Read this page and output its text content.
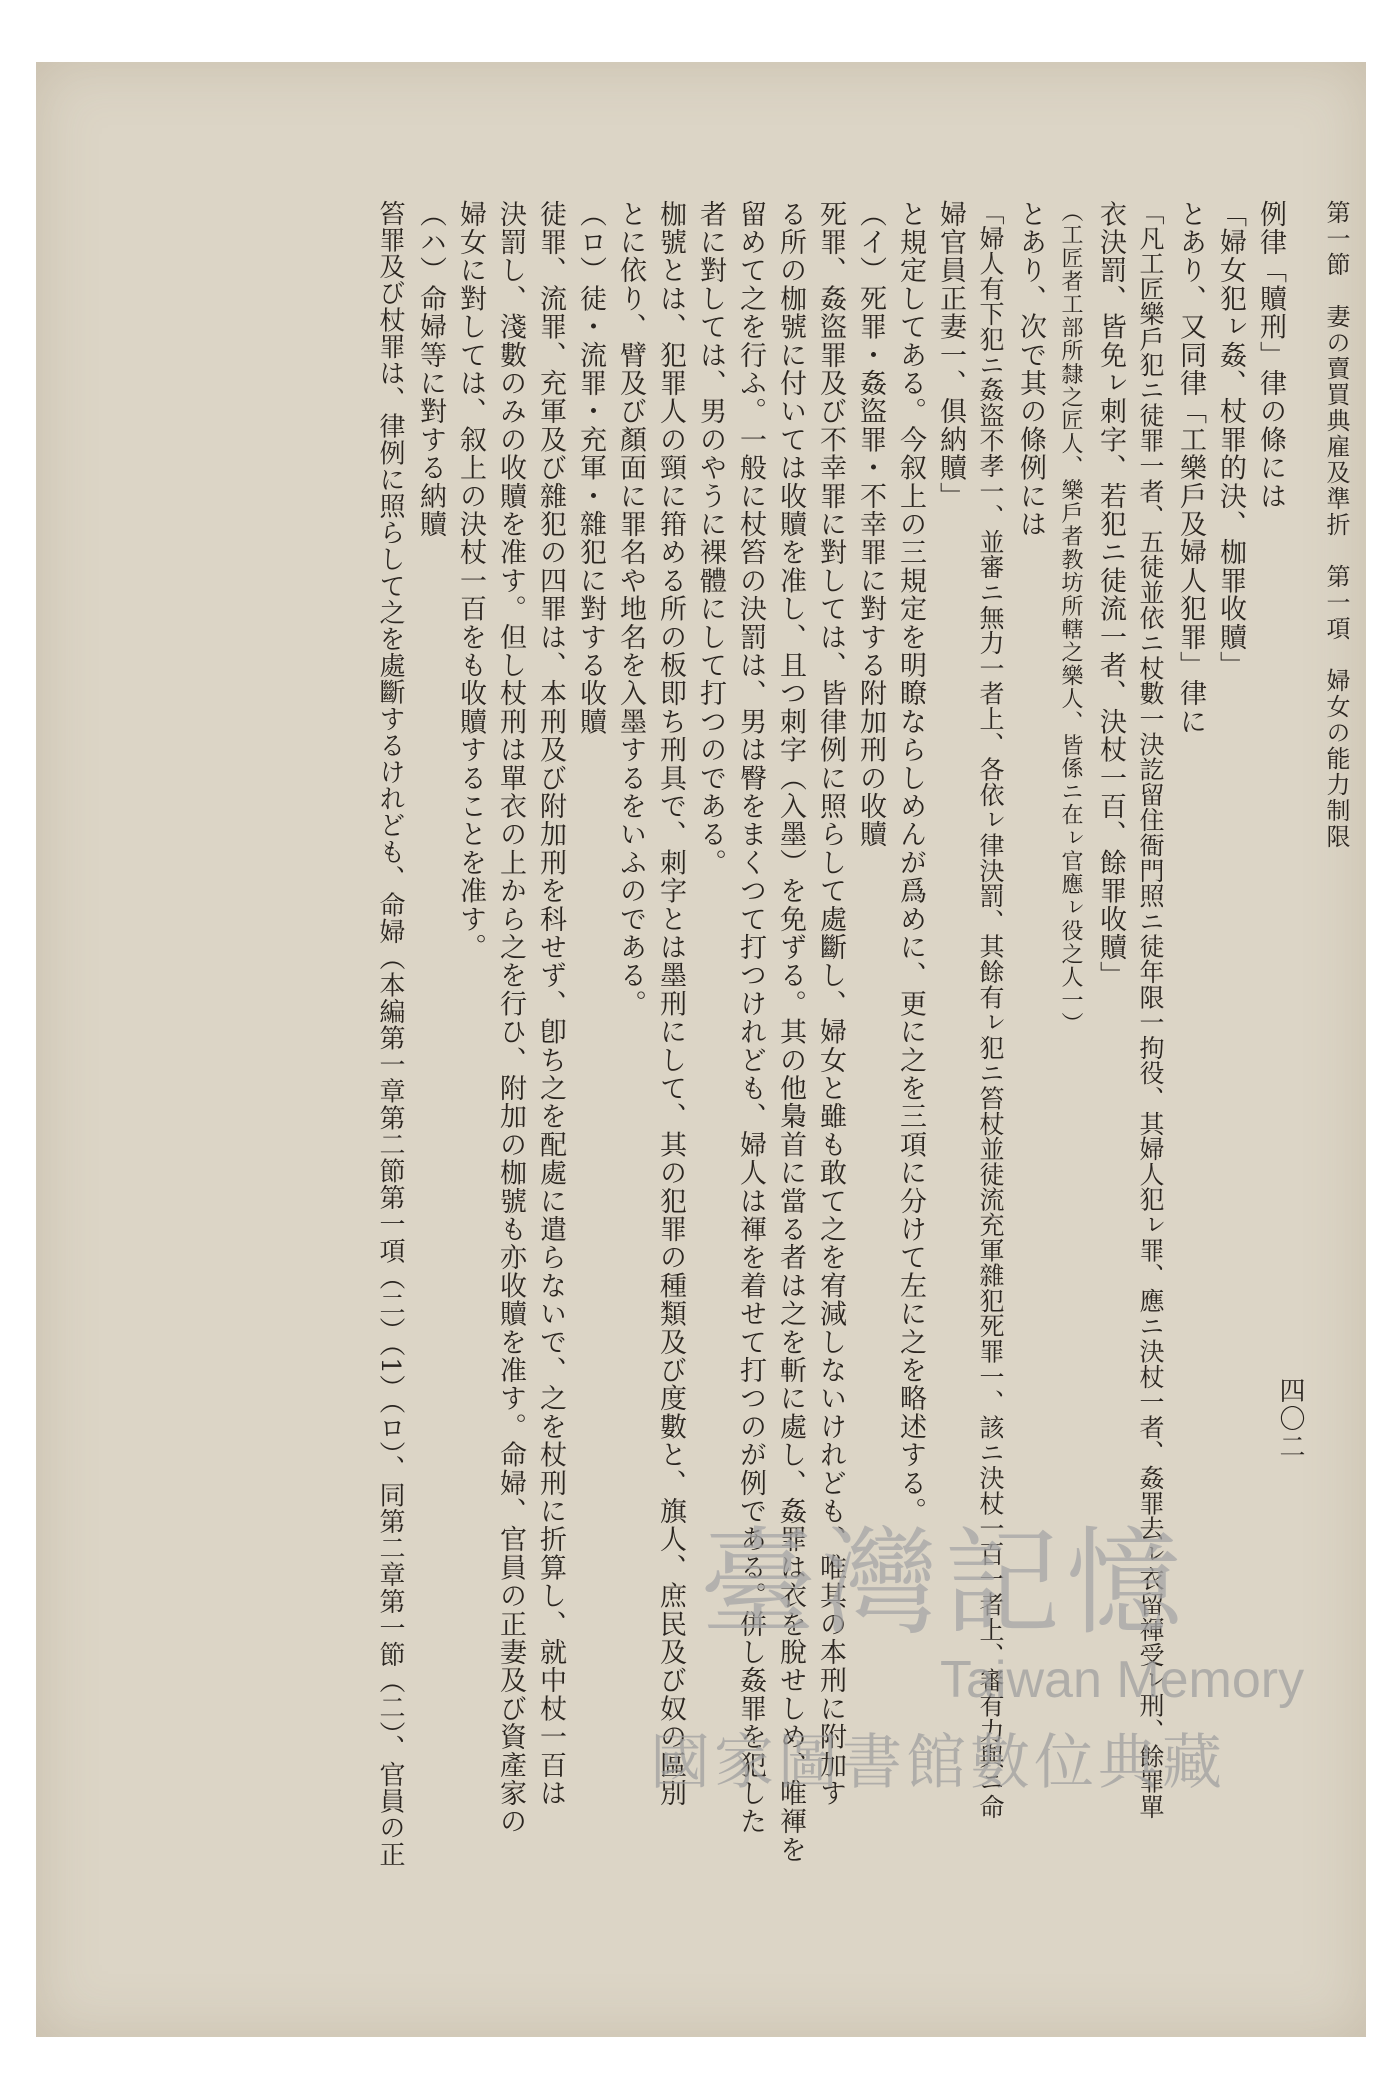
四〇二

第一節　妻の賣買典雇及準折　第一項　婦女の能力制限

例律「贖刑」律の條には

「婦女犯ㇾ姦、杖罪的決、枷罪收贖」

とあり、又同律「工樂戶及婦人犯罪」律に

「凡工匠樂戶犯ニ徒罪一者、五徒並依ニ杖數一決訖留住衙門照ニ徒年限一拘役、其婦人犯ㇾ罪、應ニ決杖一者、姦罪去ㇾ衣留禈受ㇾ刑、餘罪單

衣決罰、皆免ㇾ刺字、若犯ニ徒流一者、決杖一百、餘罪收贖」

（工匠者工部所隸之匠人、樂戶者教坊所轄之樂人、皆係ニ在ㇾ官應ㇾ役之人一）

とあり、次で其の條例には

「婦人有下犯ニ姦盜不孝一、並審ニ無力一者上、各依ㇾ律決罰、其餘有ㇾ犯ニ笞杖並徒流充軍雜犯死罪一、該ニ決杖一百一者上、審有力與ニ命

婦官員正妻一、俱納贖」

と規定してある。今叙上の三規定を明瞭ならしめんが爲めに、更に之を三項に分けて左に之を略述する。

（イ）死罪・姦盜罪・不幸罪に對する附加刑の收贖

死罪、姦盜罪及び不幸罪に對しては、皆律例に照らして處斷し、婦女と雖も敢て之を宥減しないけれども、唯其の本刑に附加す

る所の枷號に付いては收贖を准し、且つ刺字（入墨）を免ずる。其の他梟首に當る者は之を斬に處し、姦罪は衣を脫せしめ、唯褌を

留めて之を行ふ。一般に杖笞の決罰は、男は臀をまくつて打つけれども、婦人は褌を着せて打つのが例である。併し姦罪を犯した

者に對しては、男のやうに裸體にして打つのである。

枷號とは、犯罪人の頸に箝める所の板即ち刑具で、刺字とは墨刑にして、其の犯罪の種類及び度數と、旗人、庶民及び奴の區別

とに依り、臂及び顏面に罪名や地名を入墨するをいふのである。

（ロ）徒・流罪・充軍・雜犯に對する收贖

徒罪、流罪、充軍及び雜犯の四罪は、本刑及び附加刑を科せず、卽ち之を配處に遣らないで、之を杖刑に折算し、就中杖一百は

決罰し、淺數のみの收贖を准す。但し杖刑は單衣の上から之を行ひ、附加の枷號も亦收贖を准す。命婦、官員の正妻及び資產家の

婦女に對しては、叙上の決杖一百をも收贖することを准す。

（ハ）命婦等に對する納贖

笞罪及び杖罪は、律例に照らして之を處斷するけれども、命婦（本編第一章第二節第一項（二）（1）（ロ）、同第二章第一節（二）、官員の正	臺灣記憶
Taiwan Memory
國家圖書館數位典藏
